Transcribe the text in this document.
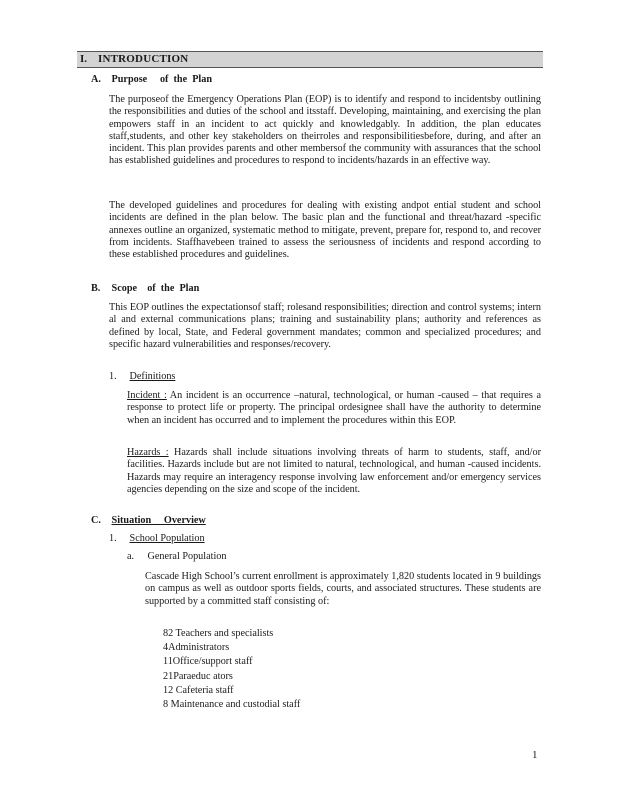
I. INTRODUCTION
A. Purpose     of  the  Plan

The purposeof the Emergency Operations Plan (EOP) is to identify and respond to incidentsby outlining the responsibilities and duties of the school and itsstaff. Developing, maintaining, and exercising the plan empowers staff in an incident to act quickly and knowledgably. In addition, the plan educates staff,students, and other key stakeholders on theirroles and responsibilitiesbefore, during, and after an incident. This plan provides parents and other membersof the community with assurances that the school has established guidelines and procedures to respond to incidents/hazards in an effective way.

The developed guidelines and procedures for dealing with existing andpot ential student and school incidents are defined in the plan below. The basic plan and the functional and threat/hazard -specific annexes outline an organized, systematic method to mitigate, prevent, prepare for, respond to, and recover from incidents. Staffhavebeen trained to assess the seriousness of incidents and respond according to these established procedures and guidelines.

B. Scope    of  the  Plan

This EOP outlines the expectationsof staff; rolesand responsibilities; direction and control systems; intern al and external communications plans; training and sustainability plans; authority and references as defined by local, State, and Federal government mandates; common and specialized procedures; and specific hazard vulnerabilities and responses/recovery.

1. Definitions

Incident : An incident is an occurrence –natural, technological, or human -caused – that requires a response to protect life or property. The principal ordesignee shall have the authority to determine when an incident has occurred and to implement the procedures within this EOP.

Hazards : Hazards shall include situations involving threats of harm to students, staff, and/or facilities. Hazards include but are not limited to natural, technological, and human -caused incidents. Hazards may require an interagency response involving law enforcement and/or emergency services agencies depending on the size and scope of the incident.

C. Situation     Overview
1. School Population
a. General Population

Cascade High School’s current enrollment is approximately 1,820 students located in 9 buildings on campus as well as outdoor sports fields, courts, and associated structures. These students are supported by a committed staff consisting of:

82 Teachers and specialists
4Administrators
11Office/support staff
21Paraeduc ators
12 Cafeteria staff
8 Maintenance and custodial staff
1
